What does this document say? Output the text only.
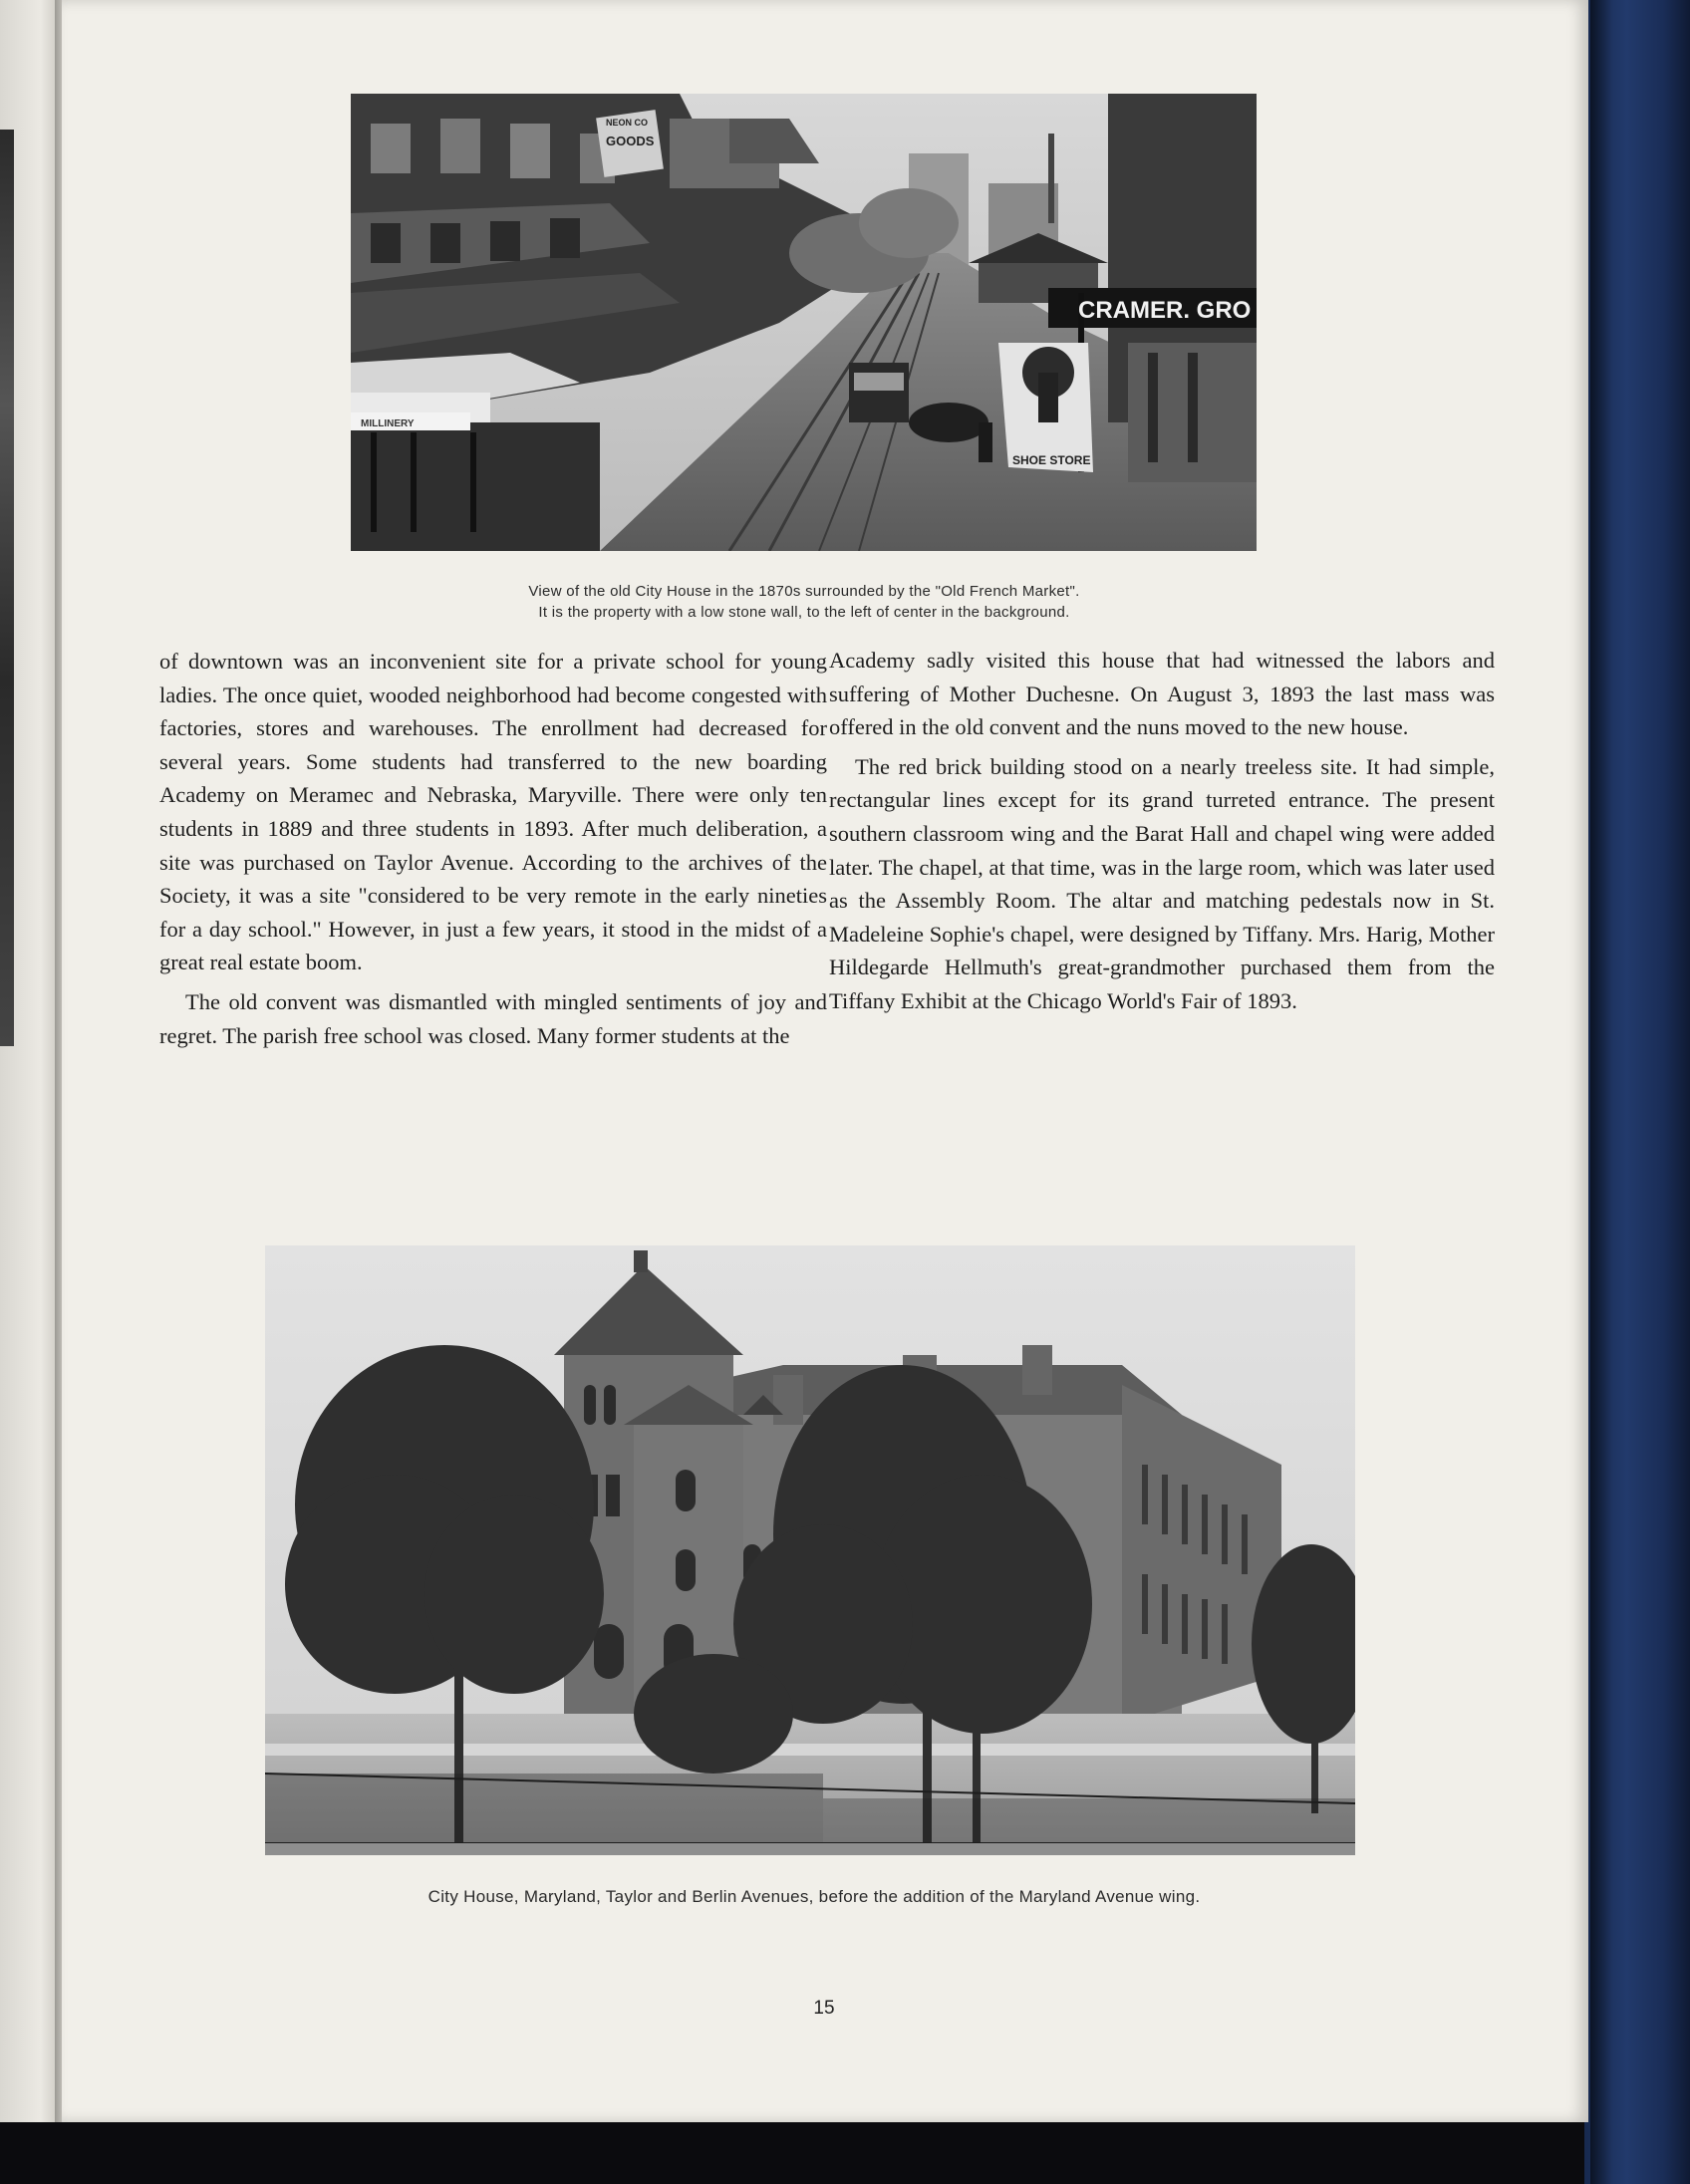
NEON CO
GOODS
CRAMER. GRO
MILLINERY
SHOE STORE
View of the old City House in the 1870s surrounded by the "Old French Market".
It is the property with a low stone wall, to the left of center in the background.

of downtown was an inconvenient site for a private school for young ladies. The once quiet, wooded neighborhood had become congested with factories, stores and warehouses. The enrollment had decreased for several years. Some students had transferred to the new boarding Academy on Meramec and Nebraska, Maryville. There were only ten students in 1889 and three students in 1893. After much deliberation, a site was purchased on Taylor Avenue. According to the archives of the Society, it was a site "considered to be very remote in the early nineties for a day school." However, in just a few years, it stood in the midst of a great real estate boom.

The old convent was dismantled with mingled sentiments of joy and regret. The parish free school was closed. Many former students at the

Academy sadly visited this house that had witnessed the labors and suffering of Mother Duchesne. On August 3, 1893 the last mass was offered in the old convent and the nuns moved to the new house.

The red brick building stood on a nearly treeless site. It had simple, rectangular lines except for its grand turreted entrance. The present southern classroom wing and the Barat Hall and chapel wing were added later. The chapel, at that time, was in the large room, which was later used as the Assembly Room. The altar and matching pedestals now in St. Madeleine Sophie's chapel, were designed by Tiffany. Mrs. Harig, Mother Hildegarde Hellmuth's great-grandmother purchased them from the Tiffany Exhibit at the Chicago World's Fair of 1893.

City House, Maryland, Taylor and Berlin Avenues, before the addition of the Maryland Avenue wing.
15
